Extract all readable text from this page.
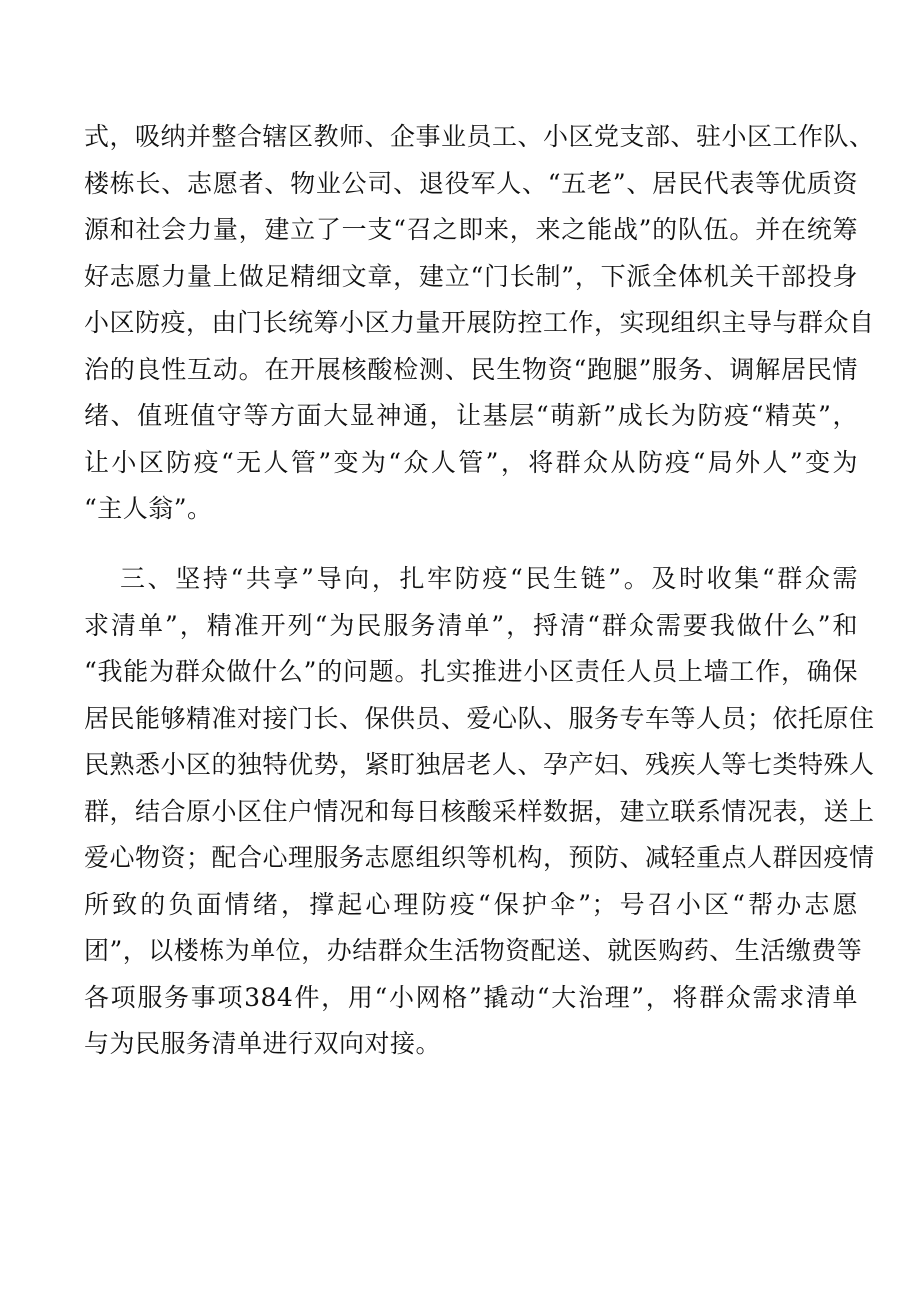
式，吸纳并整合辖区教师、企事业员工、小区党支部、驻小区工作队、
楼栋长、志愿者、物业公司、退役军人、“五老”、居民代表等优质资
源和社会力量，建立了一支“召之即来，来之能战”的队伍。并在统筹
好志愿力量上做足精细文章，建立“门长制”，下派全体机关干部投身
小区防疫，由门长统筹小区力量开展防控工作，实现组织主导与群众自
治的良性互动。在开展核酸检测、民生物资“跑腿”服务、调解居民情
绪、值班值守等方面大显神通，让基层“萌新”成长为防疫“精英”，
让小区防疫“无人管”变为“众人管”，将群众从防疫“局外人”变为
“主人翁”。
三、坚持“共享”导向，扎牢防疫“民生链”。及时收集“群众需
求清单”，精准开列“为民服务清单”，捋清“群众需要我做什么”和
“我能为群众做什么”的问题。扎实推进小区责任人员上墙工作，确保
居民能够精准对接门长、保供员、爱心队、服务专车等人员；依托原住
民熟悉小区的独特优势，紧盯独居老人、孕产妇、残疾人等七类特殊人
群，结合原小区住户情况和每日核酸采样数据，建立联系情况表，送上
爱心物资；配合心理服务志愿组织等机构，预防、减轻重点人群因疫情
所致的负面情绪，撑起心理防疫“保护伞”；号召小区“帮办志愿
团”，以楼栋为单位，办结群众生活物资配送、就医购药、生活缴费等
各项服务事项384件，用“小网格”撬动“大治理”，将群众需求清单
与为民服务清单进行双向对接。
